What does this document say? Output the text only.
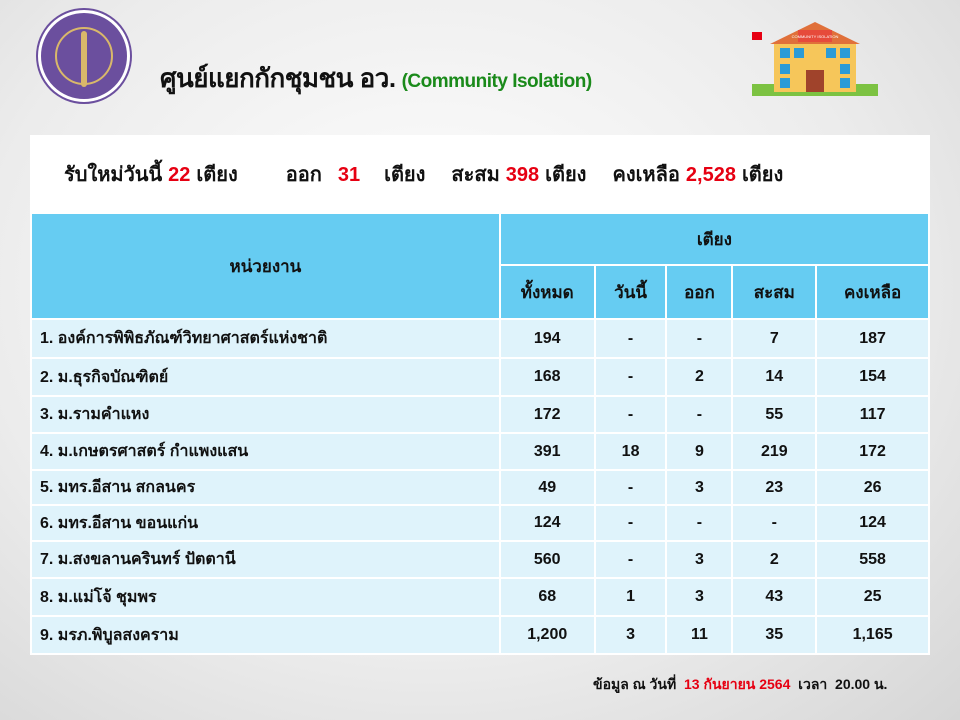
ศูนย์แยกกักชุมชน อว. (Community Isolation)
COMMUNITY ISOLATION
รับใหม่วันนี้ 22 เตียง ออก 31 เตียง สะสม 398 เตียง คงเหลือ 2,528 เตียง
หน่วยงาน	เตียง				
	ทั้งหมด	วันนี้	ออก	สะสม	คงเหลือ
1. องค์การพิพิธภัณฑ์วิทยาศาสตร์แห่งชาติ	194	-	-	7	187
2. ม.ธุรกิจบัณฑิตย์	168	-	2	14	154
3. ม.รามคำแหง	172	-	-	55	117
4. ม.เกษตรศาสตร์ กำแพงแสน	391	18	9	219	172
5. มทร.อีสาน สกลนคร	49	-	3	23	26
6. มทร.อีสาน ขอนแก่น	124	-	-	-	124
7. ม.สงขลานครินทร์ ปัตตานี	560	-	3	2	558
8. ม.แม่โจ้ ชุมพร	68	1	3	43	25
9. มรภ.พิบูลสงคราม	1,200	3	11	35	1,165
ข้อมูล ณ วันที่ 13 กันยายน 2564 เวลา 20.00 น.
